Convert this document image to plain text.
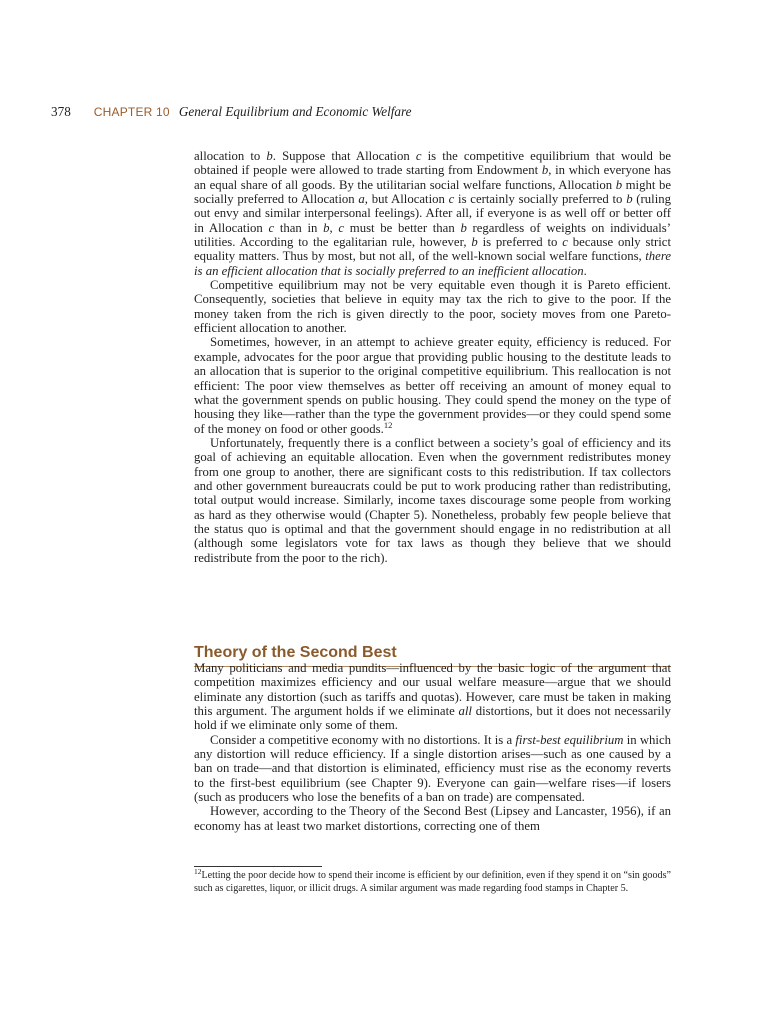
378 CHAPTER 10 General Equilibrium and Economic Welfare

allocation to b. Suppose that Allocation c is the competitive equilibrium that would be obtained if people were allowed to trade starting from Endowment b, in which everyone has an equal share of all goods. By the utilitarian social welfare functions, Allocation b might be socially preferred to Allocation a, but Allocation c is certainly socially preferred to b (ruling out envy and similar interpersonal feelings). After all, if everyone is as well off or better off in Allocation c than in b, c must be better than b regardless of weights on individuals’ utilities. According to the egalitarian rule, however, b is preferred to c because only strict equality matters. Thus by most, but not all, of the well-known social welfare functions, there is an efficient allocation that is socially preferred to an inefficient allocation.

Competitive equilibrium may not be very equitable even though it is Pareto efficient. Consequently, societies that believe in equity may tax the rich to give to the poor. If the money taken from the rich is given directly to the poor, society moves from one Pareto-efficient allocation to another.

Sometimes, however, in an attempt to achieve greater equity, efficiency is reduced. For example, advocates for the poor argue that providing public housing to the destitute leads to an allocation that is superior to the original competitive equilibrium. This reallocation is not efficient: The poor view themselves as better off receiving an amount of money equal to what the government spends on public housing. They could spend the money on the type of housing they like—rather than the type the government provides—or they could spend some of the money on food or other goods.$^{12}$

Unfortunately, frequently there is a conflict between a society’s goal of efficiency and its goal of achieving an equitable allocation. Even when the government redistributes money from one group to another, there are significant costs to this redistribution. If tax collectors and other government bureaucrats could be put to work producing rather than redistributing, total output would increase. Similarly, income taxes discourage some people from working as hard as they otherwise would (Chapter 5). Nonetheless, probably few people believe that the status quo is optimal and that the government should engage in no redistribution at all (although some legislators vote for tax laws as though they believe that we should redistribute from the poor to the rich).

Theory of the Second Best

Many politicians and media pundits—influenced by the basic logic of the argument that competition maximizes efficiency and our usual welfare measure—argue that we should eliminate any distortion (such as tariffs and quotas). However, care must be taken in making this argument. The argument holds if we eliminate all distortions, but it does not necessarily hold if we eliminate only some of them.

Consider a competitive economy with no distortions. It is a first-best equilibrium in which any distortion will reduce efficiency. If a single distortion arises—such as one caused by a ban on trade—and that distortion is eliminated, efficiency must rise as the economy reverts to the first-best equilibrium (see Chapter 9). Everyone can gain—welfare rises—if losers (such as producers who lose the benefits of a ban on trade) are compensated.

However, according to the Theory of the Second Best (Lipsey and Lancaster, 1956), if an economy has at least two market distortions, correcting one of them

$^{12}$Letting the poor decide how to spend their income is efficient by our definition, even if they spend it on “sin goods” such as cigarettes, liquor, or illicit drugs. A similar argument was made regarding food stamps in Chapter 5.
